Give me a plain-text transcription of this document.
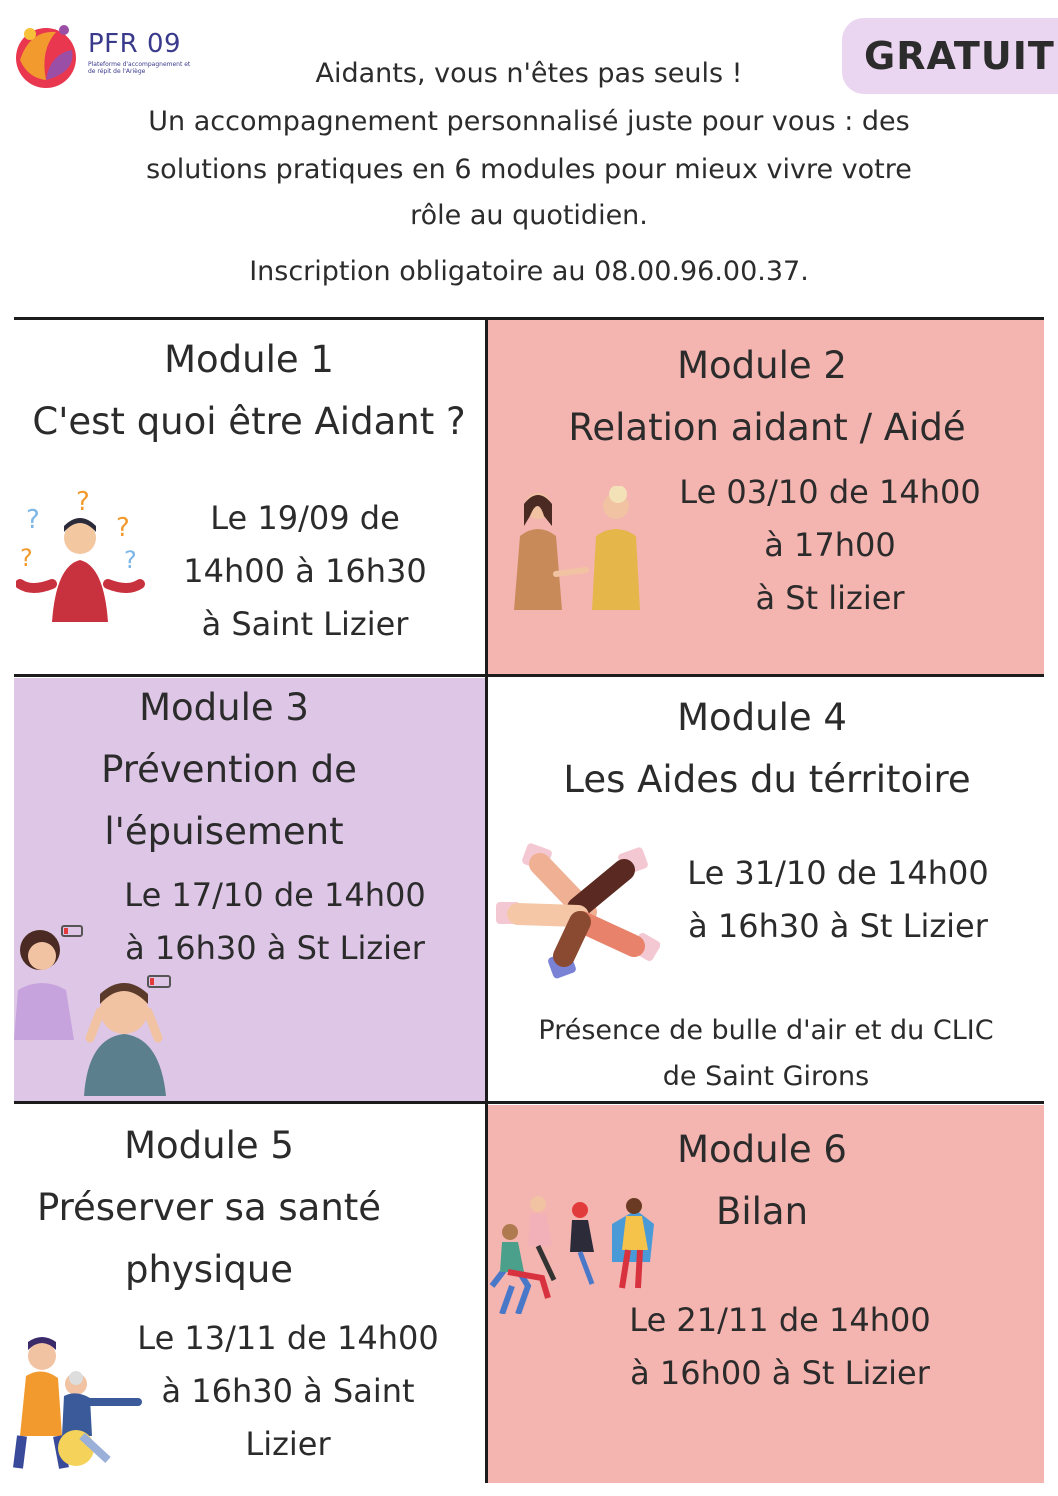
PFR 09
Plateforme d'accompagnement et de répit de l'Ariège	GRATUIT

Aidants, vous n'êtes pas seuls !

Un accompagnement personnalisé juste pour vous : des

solutions pratiques en 6 modules pour mieux vivre votre

rôle au quotidien.

Inscription obligatoire au 08.00.96.00.37.

Module 1

C'est quoi être Aidant ?

?
?
?
?	?

Le 19/09 de

14h00 à 16h30

à Saint Lizier

Module 2

Relation aidant / Aidé

Le 03/10 de 14h00

à 17h00

à St lizier

Module 3

Prévention de

l'épuisement

Le 17/10 de 14h00

à 16h30 à St Lizier

Module 4

Les Aides du térritoire

Le 31/10 de 14h00

à 16h30 à St Lizier

Présence de bulle d'air et du CLIC

de Saint Girons

Module 5

Préserver sa santé

physique

Le 13/11 de 14h00

à 16h30 à Saint

Lizier

Module 6

Bilan

Le 21/11 de 14h00

à 16h00 à St Lizier
